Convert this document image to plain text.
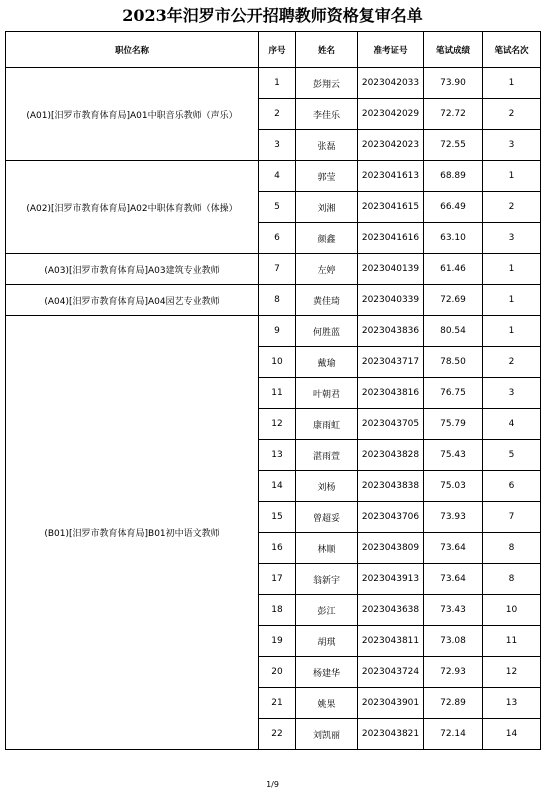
2023年汨罗市公开招聘教师资格复审名单
职位名称	序号	姓名	准考证号	笔试成绩	笔试名次
(A01)[汨罗市教育体育局]A01中职音乐教师（声乐）	1	彭翔云	2023042033	73.90	1
	2	李佳乐	2023042029	72.72	2
	3	张磊	2023042023	72.55	3
(A02)[汨罗市教育体育局]A02中职体育教师（体操）	4	郭莹	2023041613	68.89	1
	5	刘湘	2023041615	66.49	2
	6	颜鑫	2023041616	63.10	3
(A03)[汨罗市教育体育局]A03建筑专业教师	7	左婷	2023040139	61.46	1
(A04)[汨罗市教育体育局]A04园艺专业教师	8	黄佳琦	2023040339	72.69	1
(B01)[汨罗市教育体育局]B01初中语文教师	9	何胜蓝	2023043836	80.54	1
	10	戴瑜	2023043717	78.50	2
	11	叶朝君	2023043816	76.75	3
	12	康雨虹	2023043705	75.79	4
	13	湛雨萱	2023043828	75.43	5
	14	刘杨	2023043838	75.03	6
	15	曾超妥	2023043706	73.93	7
	16	林顺	2023043809	73.64	8
	17	翁新宇	2023043913	73.64	8
	18	彭江	2023043638	73.43	10
	19	胡琪	2023043811	73.08	11
	20	杨建华	2023043724	72.93	12
	21	姚果	2023043901	72.89	13
	22	刘凯丽	2023043821	72.14	14
1/9
